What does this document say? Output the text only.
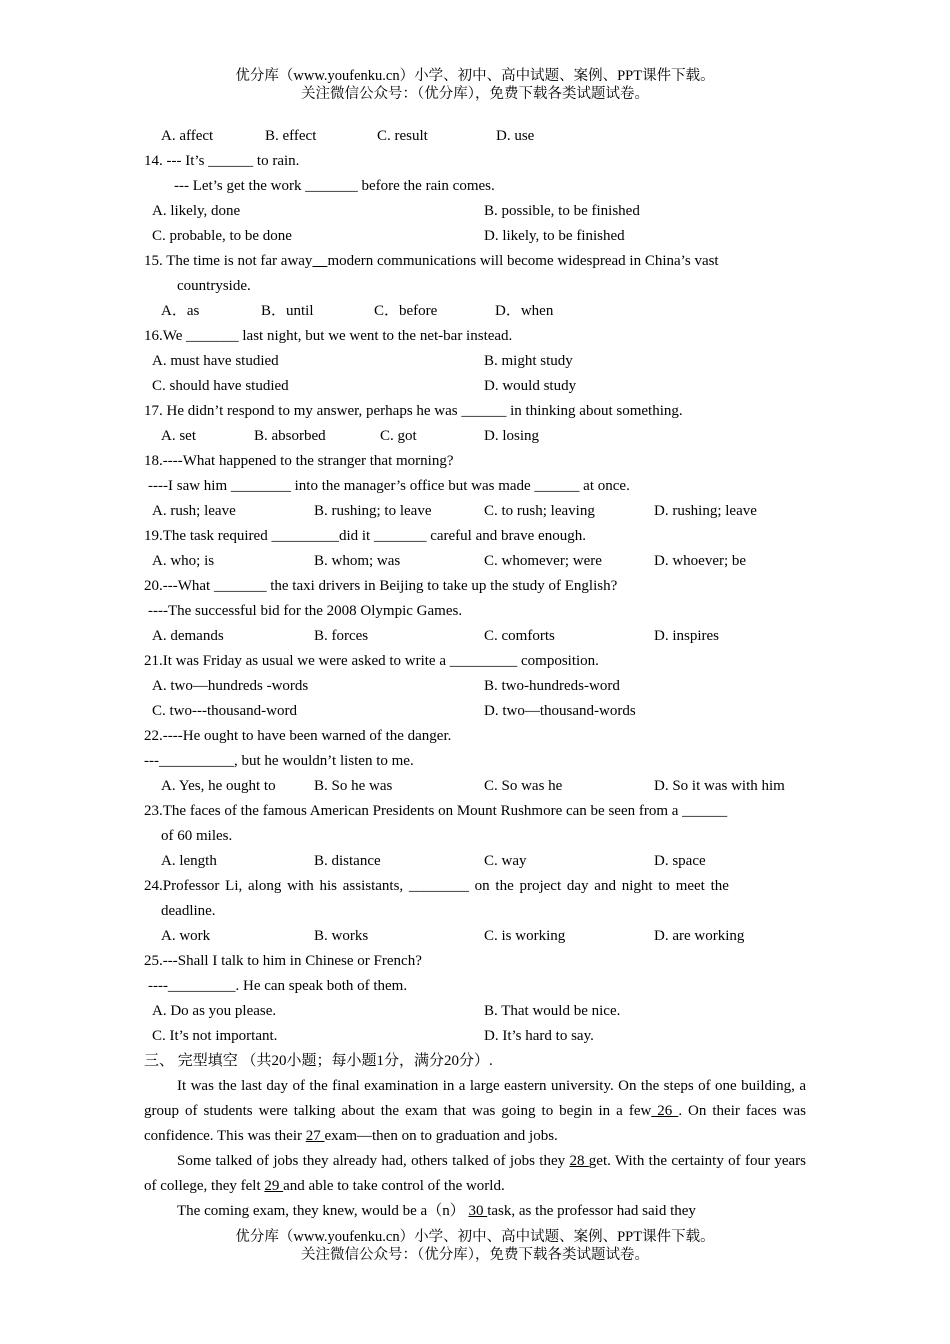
优分库（www.youfenku.cn）小学、初中、高中试题、案例、PPT课件下载。
关注微信公众号：（优分库），免费下载各类试题试卷。
A. affect	B. effect	C. result	D. use
14. --- It’s ______ to rain.
--- Let’s get the work _______ before the rain comes.
A. likely, done	B. possible, to be finished
C. probable, to be done	D. likely, to be finished
15. The time is not far away modern communications will become widespread in China’s vast
countryside.
A．as	B．until	C．before	D．when
16.We _______ last night, but we went to the net-bar instead.
A. must have studied	B. might study
C. should have studied	D. would study
17. He didn’t respond to my answer, perhaps he was ______ in thinking about something.
A. set	B. absorbed	C. got	D. losing
18.----What happened to the stranger that morning?
----I saw him ________ into the manager’s office but was made ______ at once.
A. rush; leave	B. rushing; to leave	C. to rush; leaving	D. rushing; leave
19.The task required _________did it _______ careful and brave enough.
A. who; is	B. whom; was	C. whomever; were	D. whoever; be
20.---What _______ the taxi drivers in Beijing to take up the study of English?
----The successful bid for the 2008 Olympic Games.
A. demands	B. forces	C. comforts	D. inspires
21.It was Friday as usual we were asked to write a _________ composition.
A. two—hundreds -words	B. two-hundreds-word
C. two---thousand-word	D. two—thousand-words
22.----He ought to have been warned of the danger.
---__________, but he wouldn’t listen to me.
A. Yes, he ought to	B. So he was	C. So was he	D. So it was with him
23.The faces of the famous American Presidents on Mount Rushmore can be seen from a ______
of 60 miles.
A. length	B. distance	C. way	D. space
24.Professor Li, along with his assistants, ________ on the project day and night to meet the
deadline.
A. work	B. works	C. is working	D. are working
25.---Shall I talk to him in Chinese or French?
----_________. He can speak both of them.
A. Do as you please.	B. That would be nice.
C. It’s not important.	D. It’s hard to say.
三、 完型填空 （共20小题；每小题1分，满分20分）.
It was the last day of the final examination in a large eastern university. On the steps of one building, a group of students were talking about the exam that was going to begin in a few 26 . On their faces was confidence. This was their 27 exam—then on to graduation and jobs.
Some talked of jobs they already had, others talked of jobs they 28 get. With the certainty of four years of college, they felt 29 and able to take control of the world.
The coming exam, they knew, would be a（n） 30 task, as the professor had said they
优分库（www.youfenku.cn）小学、初中、高中试题、案例、PPT课件下载。
关注微信公众号：（优分库），免费下载各类试题试卷。
